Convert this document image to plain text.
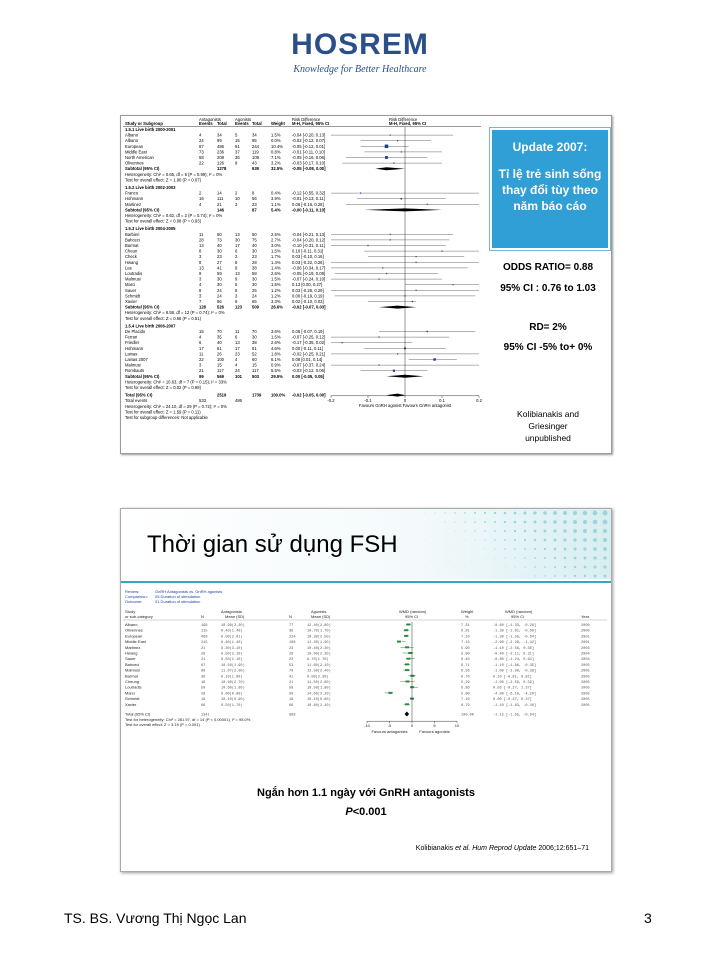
HOSREM
Knowledge for Better Healthcare
Antagonists	Agonists	Risk Difference	Risk Difference
Study or Subgroup	Events Total Events Total Weight M-H, Fixed, 95% CI	M-H, Fixed, 95% CI
1.5.1 Live birth 2000-2001
Albano	4	34	5	34	1.5%	-0.04 [-0.20, 0.13]
Albano	24	99	15	95	0.0%	-0.02 [-0.12, 0.07]
European	87	486	91	244	10.4% -0.05 [-0.12, 0.01]
Middle East	73	236	37	119	0.8%	-0.01 [-0.11, 0.10]
North American	58	208	36	109	7.1%	-0.05 [-0.16, 0.06]
Olivennes	22	126	9	43	3.2%	-0.03 [-0.17, 0.10]
Subtotal (95% CI)	1278	639	32.5% -0.05 [-0.08, 0.00]
Heterogeneity: Chi² = 0.65, df = 5 (P = 0.99); I² = 0%
Test for overall effect: Z = 1.90 (P = 0.07)
1.5.2 Live birth 2002-2003
Franco	2	14	2	8	0.4%	-0.12 [-0.55, 0.32]
Hohmann	16	111	10	56	3.9%	-0.01 [-0.13, 0.11]
Martinez	4	21	3	23	1.1%	0.06 [-0.16, 0.28]
Subtotal (95% CI)	146	87	5.4%	-0.00 [-0.11, 0.10]
Heterogeneity: Chi² = 0.62, df = 2 (P = 0.74); I² = 0%
Test for overall effect: Z = 0.08 (P = 0.93)
1.5.3 Live birth 2004-2005
Barbieri	11	50	13	50	2.5%	-0.04 [-0.21, 0.13]
Bahceci	28	73	30	75	2.7%	-0.04 [-0.20, 0.12]
Barmat	13	40	17	40	3.0%	-0.10 [-0.31, 0.11]
Cheun	8	30	6	30	1.5%	0.10 [-0.11, 0.31]
Check	3	23	2	23	1.7%	0.03 [-0.10, 0.16]
Hwang	8	27	8	28	1.4%	0.03 [-0.22, 0.26]
Lee	13	41	8	38	1.4%	-0.06 [-0.34, 0.17]
Loutradis	9	59	13	58	2.6%	-0.05 [-0.19, 0.09]
Malmusi	3	30	9	30	1.5%	-0.07 [-0.24, 0.10]
Marci	4	30	5	30	1.5%	0.13 [0.00, 0.27]
Sauer	8	24	8	25	1.2%	0.03 [-0.26, 0.29]
Schmidt	3	24	3	24	1.2%	0.00 [-0.19, 0.19]
Xavier	7	66	6	65	3.3%	0.02 [-0.10, 0.03]
Subtotal (95% CI)	128	526	123 509	26.6% -0.02 [-0.07, 0.03]
Heterogeneity: Chi² = 8.58, df = 12 (P = 0.74); I² = 0%
Test for overall effect: Z = 0.66 (P = 0.51)
1.5.4 Live birth 2006-2007
De Placido	15	70	11	70	3.6%	0.06 [-0.07, 0.19]
Ferrari	4	35	6	30	1.5%	-0.07 [-0.25, 0.12]
Friedler	6	40	13	38	2.6%	-0.17 [-0.35, 0.02]
Hohmann	17	61	17	61	4.6%	0.00 [-0.11, 0.11]
Lainas	11	26	23	52	1.8%	-0.02 [-0.25, 0.21]
Lainas 2007	22	100	4	60	6.1%	0.08 [0.01, 0.14]
Malmusi	3	15	4	15	0.9%	-0.07 [-0.37, 0.24]
Rombauts	21	117	24	117	5.5%	-0.03 [-0.12, 0.06]
Subtotal (95% CI)	99	569	101 503	29.5% 0.00 [-0.05, 0.05]
Heterogeneity: Chi² = 10.63, df = 7 (P = 0.15); I² = 33%
Test for overall effect: Z = 0.02 (P = 0.98)
Total (95% CI)	2519	1739 100.0% -0.02 [-0.05, 0.00]
Total events	533	486
Heterogeneity: Chi² = 24.10, df = 29 (P = 0.72); I² = 0%
Test for overall effect: Z = 1.59 (P = 0.11)
Test for subgroup differences: Not applicable
-0.2	-0.1	0	0.1	0.2
Favours GnRH agonist Favours GnRH antagonist
Update 2007:
Tỉ lệ trẻ sinh sống thay đổi tùy theo năm báo cáo
ODDS RATIO= 0.88
95% CI : 0.76 to 1.03
RD= 2%
95% CI -5% to+ 0%
Kolibianakis and
Griesinger
unpublished
Thời gian sử dụng FSH
Review:	GnRH Antagonists vs. GnRH agonists
Comparison: 05 Duration of stimulation
Outcome:	01 Duration of stimulation
Study	Antagonists	Agonists	WMD (random)	Weight	WMD (random)
or sub-category	N	Mean (SD)	N	Mean (SD)	95% CI	%	95% CI	Year
Albano	198	10.90(2.30)	77	12.40(2.80)	7.31	-0.80 [-1.33, -0.26]	2000
Olivennes	115	9.40(1.40)	38	10.70(1.70)	6.91	-1.30 [-1.91, -0.69]	2000
European	468	9.00(2.01)	224	10.30(2.50)	7.10	-1.30 [-1.56, -0.64]	2001
Middle East	215	8.40(1.40)	108	11.30(1.90)	7.15	-2.90 [-2.28, -1.42]	2001
Martinez	21	9.30(3.10)	23	10.40(2.30)	5.90	-1.10 [-2.56, 0.36]	2003
Hwang	28	9.50(2.10)	28	10.90(2.30)	5.90	-0.40 [-2.11, 0.31]	2004
Sauer	21	9.50(1.10)	23	9.70(1.70)	6.40	-0.80 [-1.24, 0.64]	2004
Bahceci	67	10.50(1.90)	53	11.60(2.10)	6.71	-1.10 [-1.86, -0.35]	2005
Malmusi	99	11.07(2.00)	70	12.50(2.40)	6.56	-1.09 [-2.00, -0.38]	2005
Barmat	38	9.10(1.80)	41	9.00(2.30)	6.70	0.10 [-0.81, 0.81]	2005
Cheung	18	10.60(2.70)	21	11.50(2.60)	5.29	-1.00 [-2.59, 0.59]	2005
Loutradis	59	10.60(1.80)	58	10.50(1.80)	6.86	0.03 [-0.27, 1.37]	2005
Marci	29	9.00(0.90)	30	14.60(3.20)	5.90	-4.80 [-6.10, -4.20]	2005
Schmidt	18	10.10(0.90)	18	10.10(0.80)	7.10	0.00 [-0.37, 0.37]	2005
Xavier	66	9.50(1.70)	66	10.80(2.10)	6.79	-1.10 [-1.83, -0.46]	2005
Total (95% CI)	1341	868	100.00	-1.15 [-1.65, -0.64]
Test for heterogeneity: Chi² = 281.97, df = 14 (P < 0.00001), I² = 95.0%
Test for overall effect: Z = 3.19 (P = 0.001)	-10	-5	0	5	10
Favours antagonists	Favours agonists
Ngắn hơn 1.1 ngày với GnRH antagonists
P<0.001
Kolibianakis et al. Hum Reprod Update 2006;12:651–71
TS. BS. Vương Thị Ngọc Lan	3
